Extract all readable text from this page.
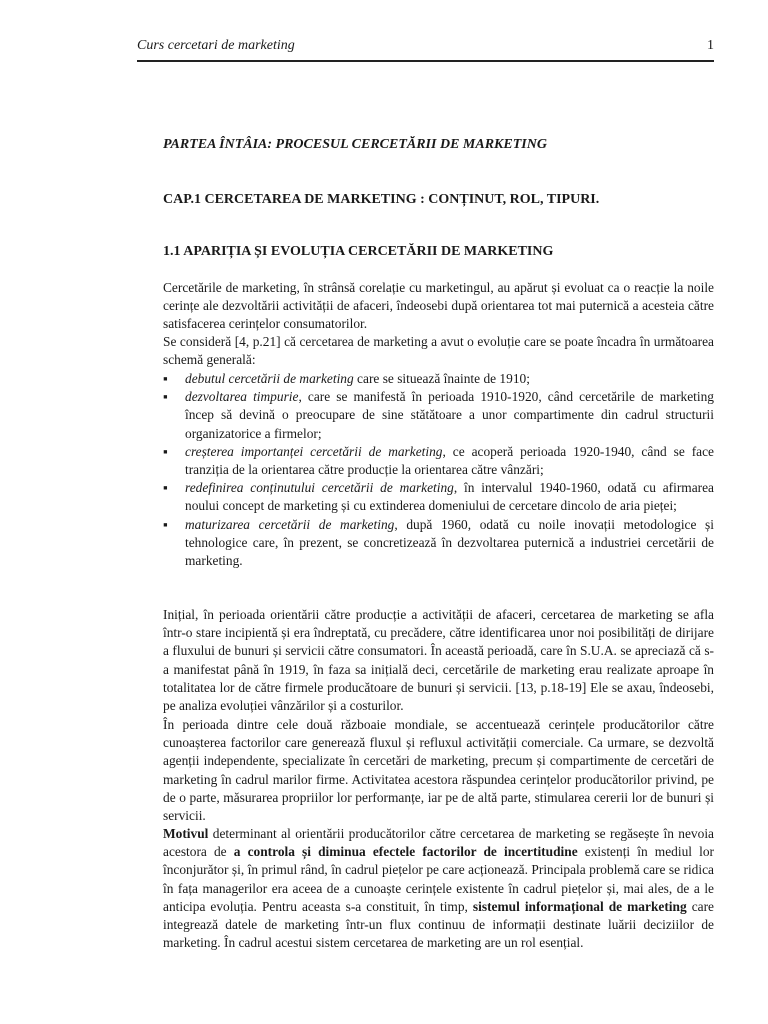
Curs cercetari de marketing	1
PARTEA ÎNTÂIA: PROCESUL CERCETĂRII DE MARKETING
CAP.1 CERCETAREA DE MARKETING : CONȚINUT, ROL, TIPURI.
1.1 APARIȚIA ȘI EVOLUȚIA CERCETĂRII DE MARKETING
Cercetările de marketing, în strânsă corelație cu marketingul, au apărut și evoluat ca o reacție la noile cerințe ale dezvoltării activității de afaceri, îndeosebi după orientarea tot mai puternică a acesteia către satisfacerea cerințelor consumatorilor.
Se consideră [4, p.21] că cercetarea de marketing a avut o evoluție care se poate încadra în următoarea schemă generală:
▪ debutul cercetării de marketing care se situează înainte de 1910;
▪ dezvoltarea timpurie, care se manifestă în perioada 1910-1920, când cercetările de marketing încep să devină o preocupare de sine stătătoare a unor compartimente din cadrul structurii organizatorice a firmelor;
▪ creșterea importanței cercetării de marketing, ce acoperă perioada 1920-1940, când se face tranziția de la orientarea către producție la orientarea către vânzări;
▪ redefinirea conținutului cercetării de marketing, în intervalul 1940-1960, odată cu afirmarea noului concept de marketing și cu extinderea domeniului de cercetare dincolo de aria pieței;
▪ maturizarea cercetării de marketing, după 1960, odată cu noile inovații metodologice și tehnologice care, în prezent, se concretizează în dezvoltarea puternică a industriei cercetării de marketing.
Inițial, în perioada orientării către producție a activității de afaceri, cercetarea de marketing se afla într-o stare incipientă și era îndreptată, cu precădere, către identificarea unor noi posibilități de dirijare a fluxului de bunuri și servicii către consumatori. În această perioadă, care în S.U.A. se apreciază că s-a manifestat până în 1919, în faza sa inițială deci, cercetările de marketing erau realizate aproape în totalitatea lor de către firmele producătoare de bunuri și servicii. [13, p.18-19] Ele se axau, îndeosebi, pe analiza evoluției vânzărilor și a costurilor.
În perioada dintre cele două războaie mondiale, se accentuează cerințele producătorilor către cunoașterea factorilor care generează fluxul și refluxul activității comerciale. Ca urmare, se dezvoltă agenții independente, specializate în cercetări de marketing, precum și compartimente de cercetări de marketing în cadrul marilor firme. Activitatea acestora răspundea cerințelor producătorilor privind, pe de o parte, măsurarea propriilor lor performanțe, iar pe de altă parte, stimularea cererii lor de bunuri și servicii.
Motivul determinant al orientării producătorilor către cercetarea de marketing se regăsește în nevoia acestora de a controla și diminua efectele factorilor de incertitudine existenți în mediul lor înconjurător și, în primul rând, în cadrul piețelor pe care acționează. Principala problemă care se ridica în fața managerilor era aceea de a cunoaște cerințele existente în cadrul piețelor și, mai ales, de a le anticipa evoluția. Pentru aceasta s-a constituit, în timp, sistemul informațional de marketing care integrează datele de marketing într-un flux continuu de informații destinate luării deciziilor de marketing. În cadrul acestui sistem cercetarea de marketing are un rol esențial.
